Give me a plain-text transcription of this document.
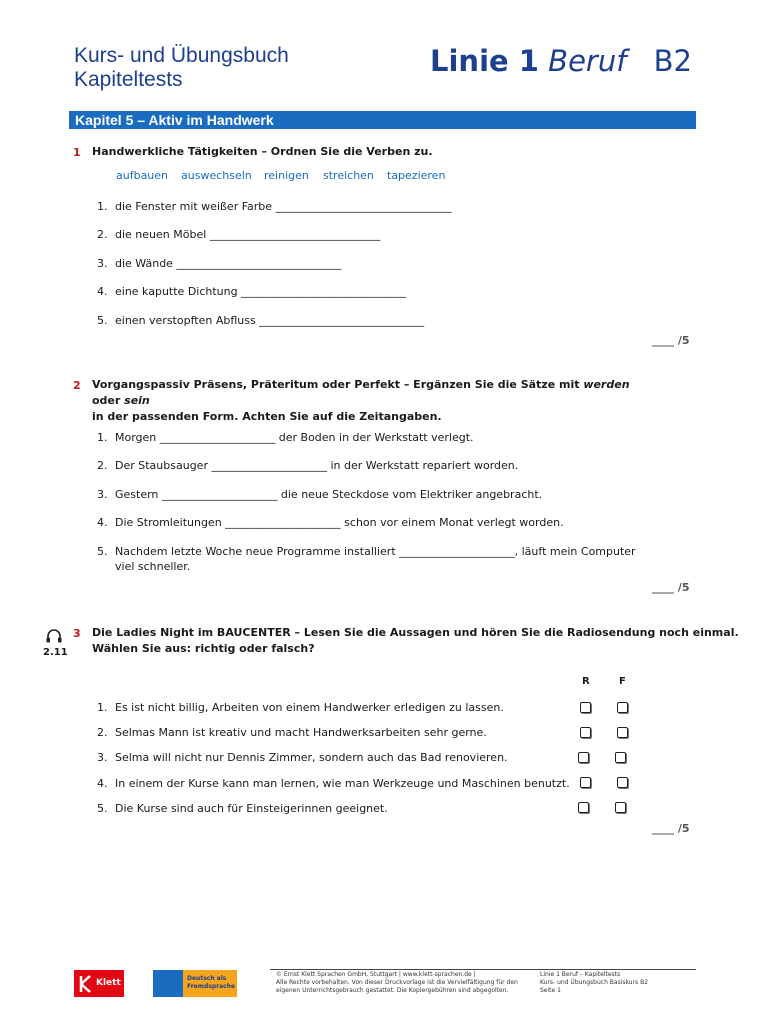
Kurs- und Übungsbuch
Kapiteltests
Linie 1 Beruf B2
Kapitel 5 – Aktiv im Handwerk
1 Handwerkliche Tätigkeiten – Ordnen Sie die Verben zu.
aufbauen auswechseln reinigen streichen tapezieren
1. die Fenster mit weißer Farbe ________________________________
2. die neuen Möbel _______________________________
3. die Wände ______________________________
4. eine kaputte Dichtung ______________________________
5. einen verstopften Abfluss ______________________________
____ /5
2 Vorgangspassiv Präsens, Präteritum oder Perfekt – Ergänzen Sie die Sätze mit werden oder sein
in der passenden Form. Achten Sie auf die Zeitangaben.
1. Morgen _____________________ der Boden in der Werkstatt verlegt.
2. Der Staubsauger _____________________ in der Werkstatt repariert worden.
3. Gestern _____________________ die neue Steckdose vom Elektriker angebracht.
4. Die Stromleitungen _____________________ schon vor einem Monat verlegt worden.
5. Nachdem letzte Woche neue Programme installiert _____________________, läuft mein Computer
viel schneller.
____ /5
2.11
3 Die Ladies Night im BAUCENTER – Lesen Sie die Aussagen und hören Sie die Radiosendung noch einmal.
Wählen Sie aus: richtig oder falsch?
R	F
1. Es ist nicht billig, Arbeiten von einem Handwerker erledigen zu lassen.
2. Selmas Mann ist kreativ und macht Handwerksarbeiten sehr gerne.
3. Selma will nicht nur Dennis Zimmer, sondern auch das Bad renovieren.
4. In einem der Kurse kann man lernen, wie man Werkzeuge und Maschinen benutzt.
5. Die Kurse sind auch für Einsteigerinnen geeignet.
____ /5
Klett	Deutsch als
Fremdsprache
© Ernst Klett Sprachen GmbH, Stuttgart | www.klett-sprachen.de |
Alle Rechte vorbehalten. Von dieser Druckvorlage ist die Vervielfältigung für den
eigenen Unterrichtsgebrauch gestattet. Die Kopiergebühren sind abgegolten.
Linie 1 Beruf – Kapiteltests
Kurs- und Übungsbuch Basiskurs B2
Seite 1
